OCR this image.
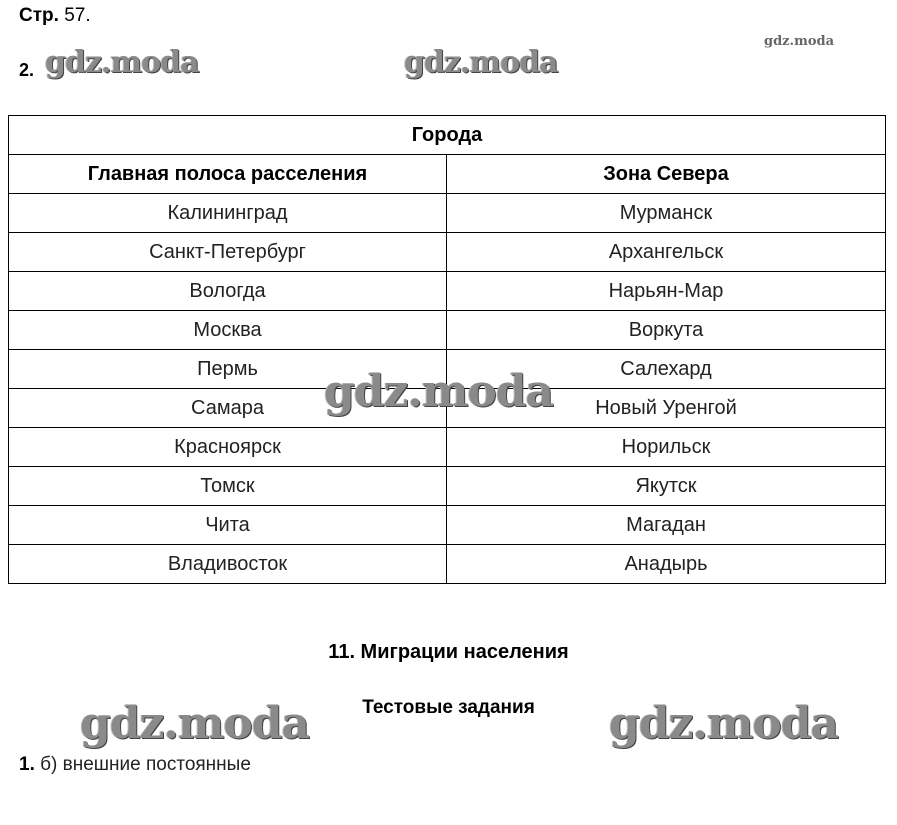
Стр. 57.
2. gdz.moda	gdz.moda
gdz.moda
Города	
Главная полоса расселения	Зона Севера
Калининград	Мурманск
Санкт-Петербург	Архангельск
Вологда	Нарьян-Мар
Москва	Воркута
Пермь	Салехард
Самара	Новый Уренгой
Красноярск	Норильск
Томск	Якутск
Чита	Магадан
Владивосток	Анадырь
gdz.moda
11. Миграции населения
Тестовые задания
gdz.moda	gdz.moda
1. б) внешние постоянные
